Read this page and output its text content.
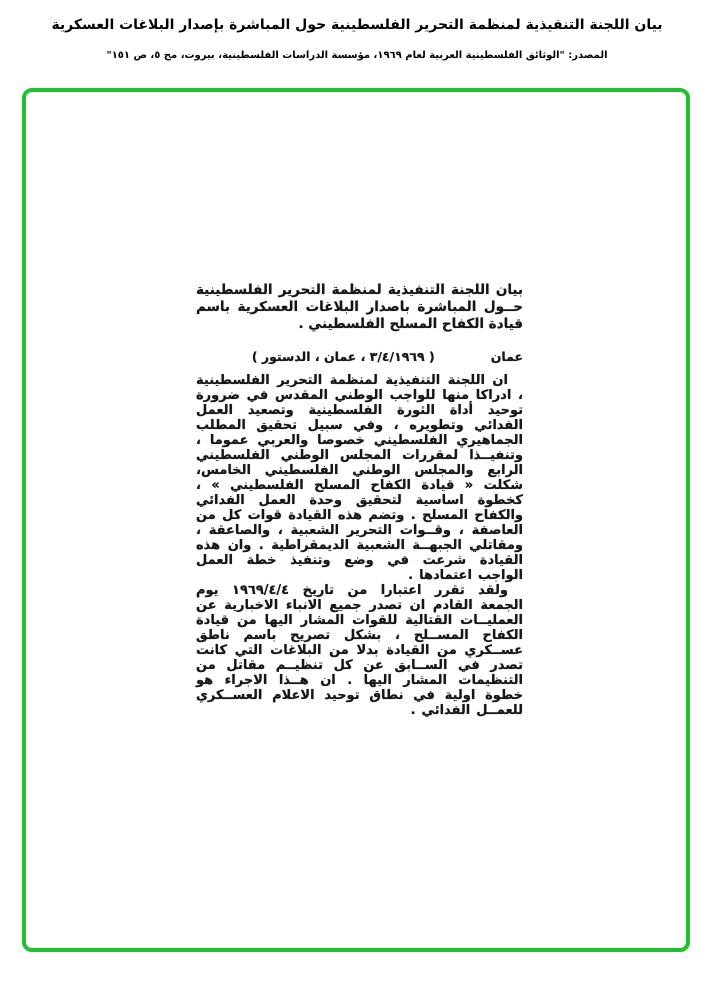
بيان اللجنة التنفيذية لمنظمة التحرير الفلسطينية حول المباشرة بإصدار البلاغات العسكرية
المصدر: "الوثائق الفلسطينية العربية لعام ١٩٦٩، مؤسسة الدراسات الفلسطينية، بيروت، مج ٥، ص ١٥١"
بيان اللجنة التنفيذية لمنظمة التحرير الفلسطينية حــول المباشرة باصدار البلاغات العسكرية باسم قيادة الكفاح المسلح الفلسطيني .
عمان
( ٣/٤/١٩٦٩ ، عمان ، الدستور )

ان اللجنة التنفيذية لمنظمة التحرير الفلسطينية ، ادراكا منها للواجب الوطني المقدس في ضرورة توحيد أداة الثورة الفلسطينية وتصعيد العمل الفدائي وتطويره ، وفي سبيل تحقيق المطلب الجماهيري الفلسطيني خصوصا والعربي عموما ، وتنفيــذا لمقررات المجلس الوطني الفلسطيني الرابع والمجلس الوطني الفلسطيني الخامس، شكلت « قيادة الكفاح المسلح الفلسطيني » ، كخطوة اساسية لتحقيق وحدة العمل الفدائي والكفاح المسلح . وتضم هذه القيادة قوات كل من العاصفة ، وقــوات التحرير الشعبية ، والصاعقة ، ومقاتلي الجبهــة الشعبية الديمقراطية . وان هذه القيادة شرعت في وضع وتنفيذ خطة العمل الواجب اعتمادها .

ولقد تقرر اعتبارا من تاريخ ١٩٦٩/٤/٤ يوم الجمعة القادم ان تصدر جميع الانباء الاخبارية عن العمليــات القتالية للقوات المشار اليها من قيادة الكفاح المســلح ، بشكل تصريح باسم ناطق عســكري من القيادة بدلا من البلاغات التي كانت تصدر في الســابق عن كل تنظيــم مقاتل من التنظيمات المشار اليها . ان هــذا الاجراء هو خطوة اولية في نطاق توحيد الاعلام العســكري للعمــل الفدائي .
